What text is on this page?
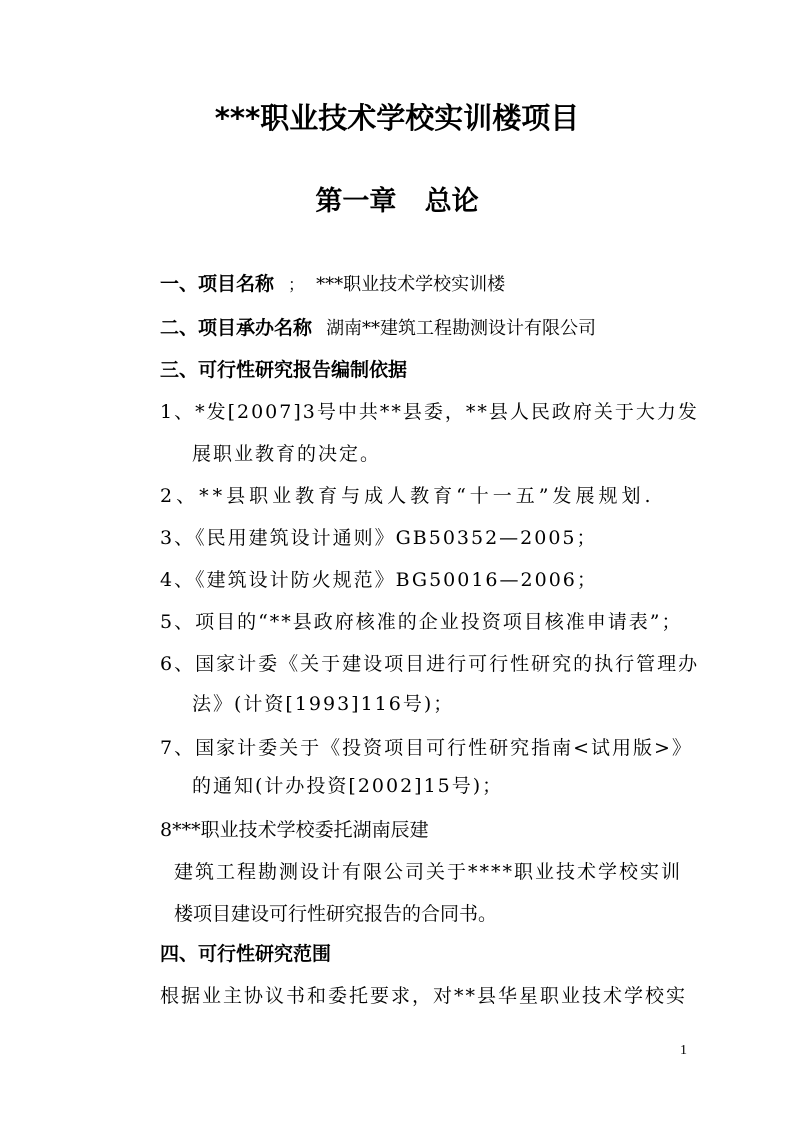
***职业技术学校实训楼项目
第一章   总论
一、项目名称 ； ***职业技术学校实训楼
二、项目承办名称 湖南**建筑工程勘测设计有限公司
三、可行性研究报告编制依据
1、*发[2007]3号中共**县委，**县人民政府关于大力发
展职业教育的决定。
2、**县职业教育与成人教育“十一五”发展规划.
3、《民用建筑设计通则》GB50352—2005；
4、《建筑设计防火规范》BG50016—2006；
5、项目的“**县政府核准的企业投资项目核准申请表”；
6、国家计委《关于建设项目进行可行性研究的执行管理办
法》(计资[1993]116号)；
7、国家计委关于《投资项目可行性研究指南<试用版>》
的通知(计办投资[2002]15号)；
8***职业技术学校委托湖南辰建
建筑工程勘测设计有限公司关于****职业技术学校实训
楼项目建设可行性研究报告的合同书。
四、可行性研究范围
根据业主协议书和委托要求，对**县华星职业技术学校实
1
